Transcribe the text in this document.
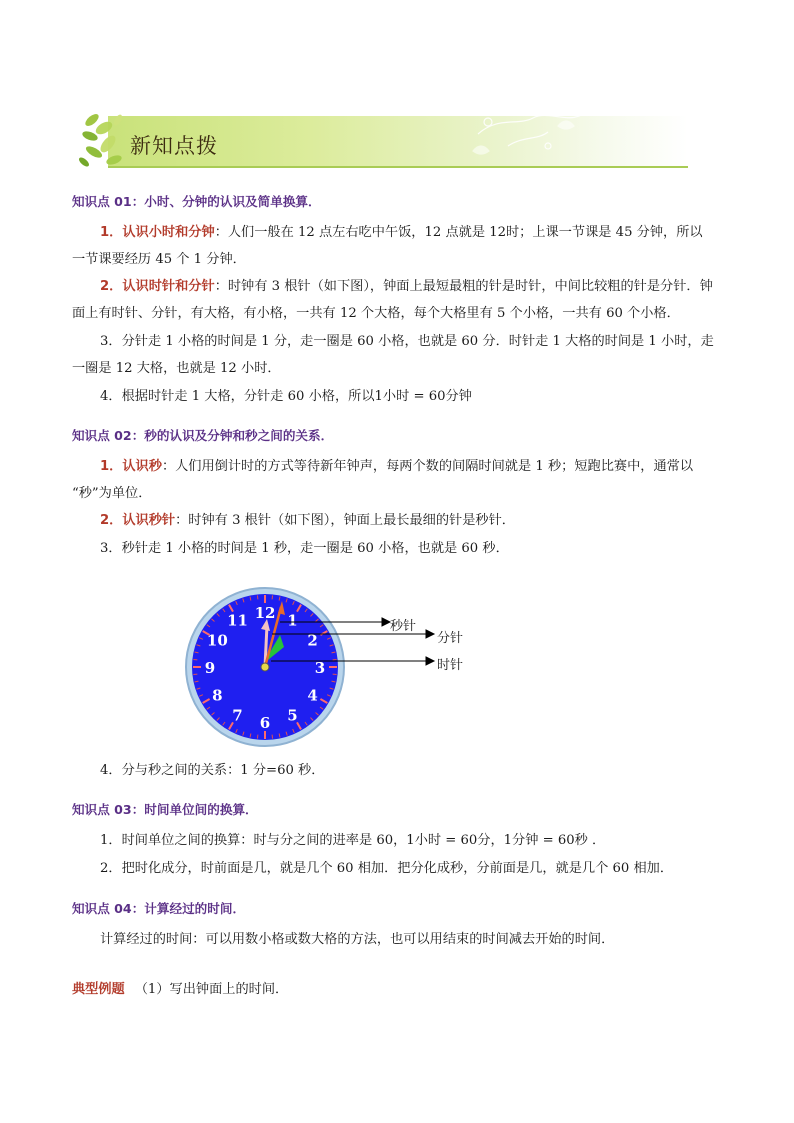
新知点拨
知识点 01：小时、分钟的认识及简单换算．
1．认识小时和分钟：人们一般在 12 点左右吃中午饭，12 点就是 12时；上课一节课是 45 分钟，所以
一节课要经历 45 个 1 分钟．
2．认识时针和分针：时钟有 3 根针（如下图），钟面上最短最粗的针是时针，中间比较粗的针是分针．钟
面上有时针、分针，有大格，有小格，一共有 12 个大格，每个大格里有 5 个小格，一共有 60 个小格．
3．分针走 1 小格的时间是 1 分，走一圈是 60 小格，也就是 60 分．时针走 1 大格的时间是 1 小时，走
一圈是 12 大格，也就是 12 小时．
4．根据时针走 1 大格，分针走 60 小格，所以1小时 = 60分钟
知识点 02：秒的认识及分钟和秒之间的关系．
1．认识秒：人们用倒计时的方式等待新年钟声，每两个数的间隔时间就是 1 秒；短跑比赛中，通常以
“秒”为单位．
2．认识秒针：时钟有 3 根针（如下图），钟面上最长最细的针是秒针．
3．秒针走 1 小格的时间是 1 秒，走一圈是 60 小格，也就是 60 秒．
12 1
2
3
4
5
6
7
8
9
10
11	秒针
分针
时针
4．分与秒之间的关系：1 分=60 秒．
知识点 03：时间单位间的换算．
1．时间单位之间的换算：时与分之间的进率是 60，1小时 = 60分，1分钟 = 60秒 ．
2．把时化成分，时前面是几，就是几个 60 相加．把分化成秒，分前面是几，就是几个 60 相加．
知识点 04：计算经过的时间．
计算经过的时间：可以用数小格或数大格的方法，也可以用结束的时间减去开始的时间．
典型例题 （1）写出钟面上的时间．
